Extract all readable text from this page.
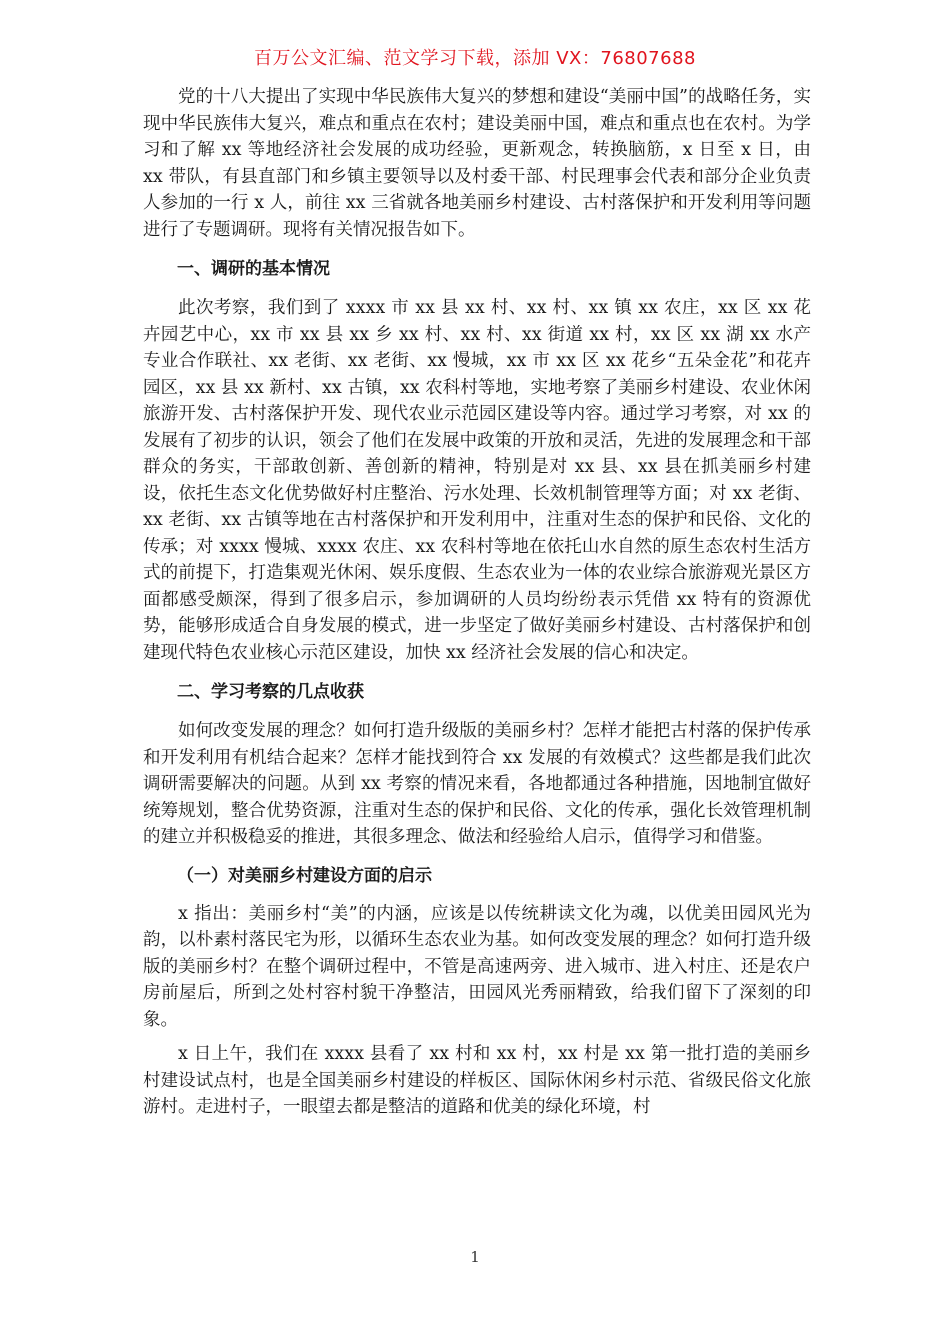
百万公文汇编、范文学习下载，添加 VX：76807688

党的十八大提出了实现中华民族伟大复兴的梦想和建设“美丽中国”的战略任务，实现中华民族伟大复兴，难点和重点在农村；建设美丽中国，难点和重点也在农村。为学习和了解 xx 等地经济社会发展的成功经验，更新观念，转换脑筋，x 日至 x 日，由 xx 带队，有县直部门和乡镇主要领导以及村委干部、村民理事会代表和部分企业负责人参加的一行 x 人，前往 xx 三省就各地美丽乡村建设、古村落保护和开发利用等问题进行了专题调研。现将有关情况报告如下。

一、调研的基本情况

此次考察，我们到了 xxxx 市 xx 县 xx 村、xx 村、xx 镇 xx 农庄，xx 区 xx 花卉园艺中心，xx 市 xx 县 xx 乡 xx 村、xx 村、xx 街道 xx 村，xx 区 xx 湖 xx 水产专业合作联社、xx 老街、xx 老街、xx 慢城，xx 市 xx 区 xx 花乡“五朵金花”和花卉园区，xx 县 xx 新村、xx 古镇，xx 农科村等地，实地考察了美丽乡村建设、农业休闲旅游开发、古村落保护开发、现代农业示范园区建设等内容。通过学习考察，对 xx 的发展有了初步的认识，领会了他们在发展中政策的开放和灵活，先进的发展理念和干部群众的务实，干部敢创新、善创新的精神，特别是对 xx 县、xx 县在抓美丽乡村建设，依托生态文化优势做好村庄整治、污水处理、长效机制管理等方面；对 xx 老街、xx 老街、xx 古镇等地在古村落保护和开发利用中，注重对生态的保护和民俗、文化的传承；对 xxxx 慢城、xxxx 农庄、xx 农科村等地在依托山水自然的原生态农村生活方式的前提下，打造集观光休闲、娱乐度假、生态农业为一体的农业综合旅游观光景区方面都感受颇深，得到了很多启示，参加调研的人员均纷纷表示凭借 xx 特有的资源优势，能够形成适合自身发展的模式，进一步坚定了做好美丽乡村建设、古村落保护和创建现代特色农业核心示范区建设，加快 xx 经济社会发展的信心和决定。

二、学习考察的几点收获

如何改变发展的理念？如何打造升级版的美丽乡村？怎样才能把古村落的保护传承和开发利用有机结合起来？怎样才能找到符合 xx 发展的有效模式？这些都是我们此次调研需要解决的问题。从到 xx 考察的情况来看，各地都通过各种措施，因地制宜做好统筹规划，整合优势资源，注重对生态的保护和民俗、文化的传承，强化长效管理机制的建立并积极稳妥的推进，其很多理念、做法和经验给人启示，值得学习和借鉴。

（一）对美丽乡村建设方面的启示

x 指出：美丽乡村“美”的内涵，应该是以传统耕读文化为魂，以优美田园风光为韵，以朴素村落民宅为形，以循环生态农业为基。如何改变发展的理念？如何打造升级版的美丽乡村？在整个调研过程中，不管是高速两旁、进入城市、进入村庄、还是农户房前屋后，所到之处村容村貌干净整洁，田园风光秀丽精致，给我们留下了深刻的印象。

x 日上午，我们在 xxxx 县看了 xx 村和 xx 村，xx 村是 xx 第一批打造的美丽乡村建设试点村，也是全国美丽乡村建设的样板区、国际休闲乡村示范、省级民俗文化旅游村。走进村子，一眼望去都是整洁的道路和优美的绿化环境，村

1
